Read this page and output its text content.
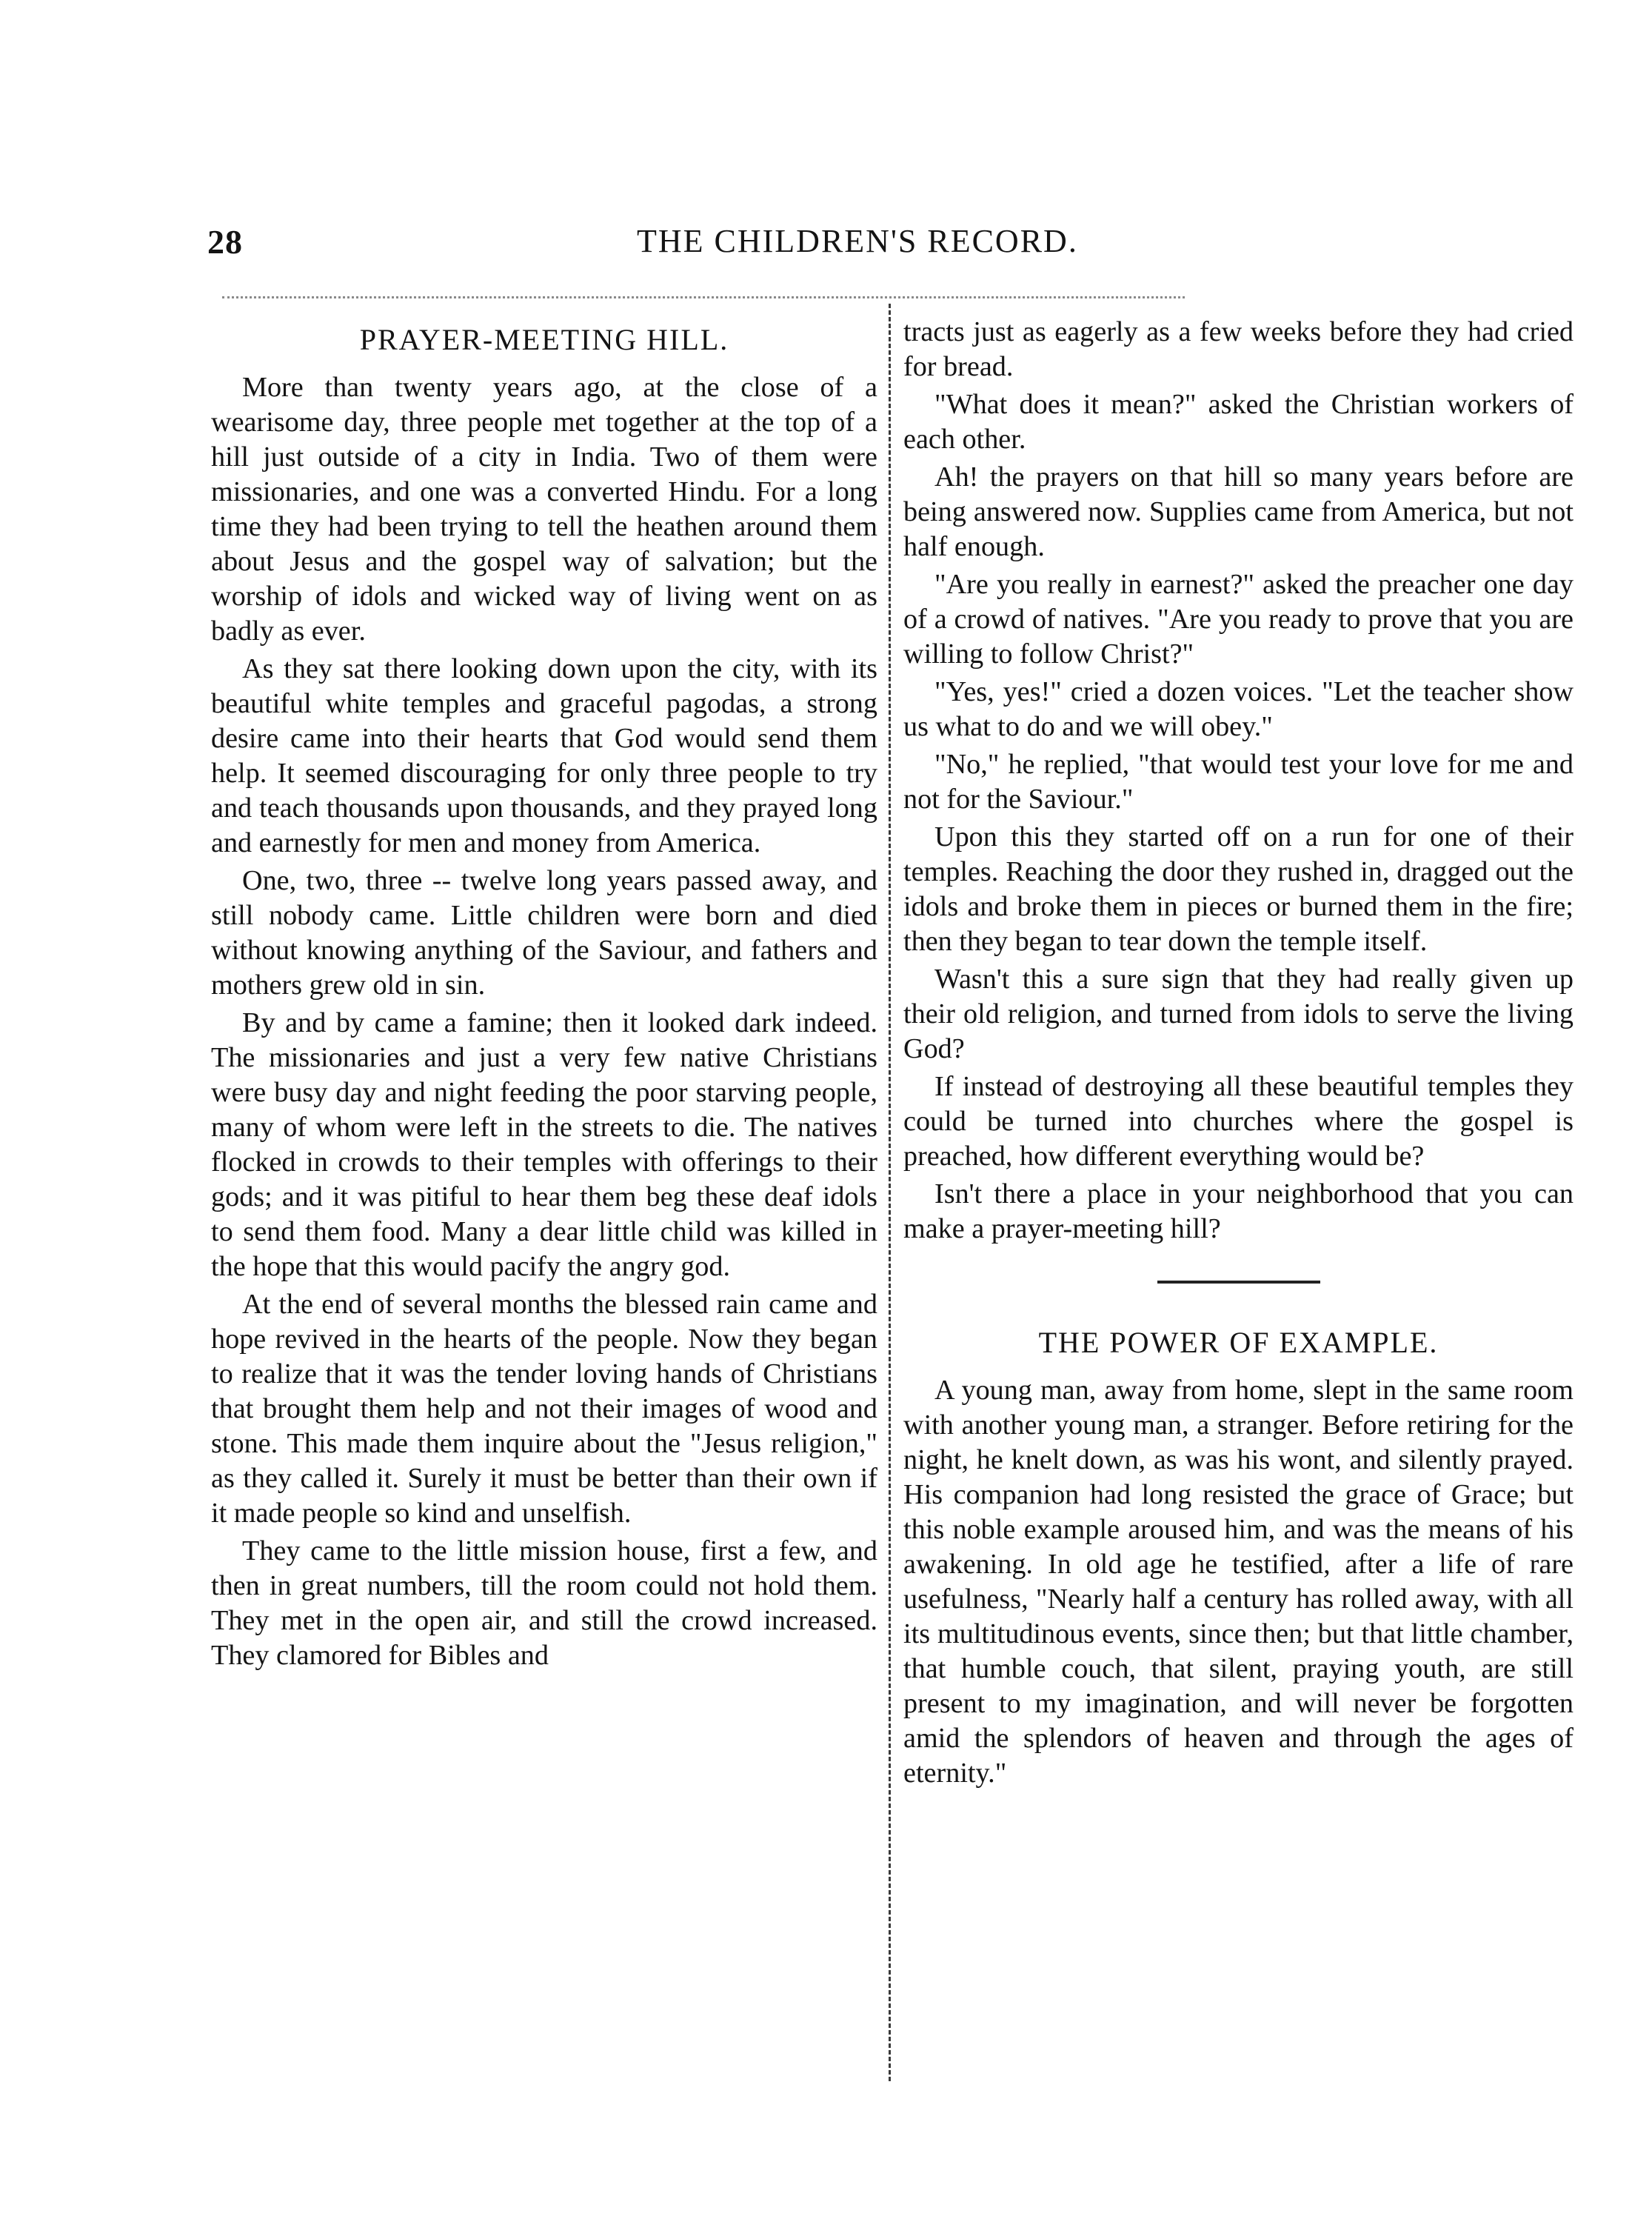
28	THE CHILDREN'S RECORD.
PRAYER-MEETING HILL.

More than twenty years ago, at the close of a wearisome day, three people met together at the top of a hill just outside of a city in India. Two of them were missionaries, and one was a converted Hindu. For a long time they had been trying to tell the heathen around them about Jesus and the gospel way of salvation; but the worship of idols and wicked way of living went on as badly as ever.

As they sat there looking down upon the city, with its beautiful white temples and graceful pagodas, a strong desire came into their hearts that God would send them help. It seemed discouraging for only three people to try and teach thousands upon thousands, and they prayed long and earnestly for men and money from America.

One, two, three -- twelve long years passed away, and still nobody came. Little children were born and died without knowing anything of the Saviour, and fathers and mothers grew old in sin.

By and by came a famine; then it looked dark indeed. The missionaries and just a very few native Christians were busy day and night feeding the poor starving people, many of whom were left in the streets to die. The natives flocked in crowds to their temples with offerings to their gods; and it was pitiful to hear them beg these deaf idols to send them food. Many a dear little child was killed in the hope that this would pacify the angry god.

At the end of several months the blessed rain came and hope revived in the hearts of the people. Now they began to realize that it was the tender loving hands of Christians that brought them help and not their images of wood and stone. This made them inquire about the "Jesus religion," as they called it. Surely it must be better than their own if it made people so kind and unselfish.

They came to the little mission house, first a few, and then in great numbers, till the room could not hold them. They met in the open air, and still the crowd increased. They clamored for Bibles and

tracts just as eagerly as a few weeks before they had cried for bread.

"What does it mean?" asked the Christian workers of each other.

Ah! the prayers on that hill so many years before are being answered now. Supplies came from America, but not half enough.

"Are you really in earnest?" asked the preacher one day of a crowd of natives. "Are you ready to prove that you are willing to follow Christ?"

"Yes, yes!" cried a dozen voices. "Let the teacher show us what to do and we will obey."

"No," he replied, "that would test your love for me and not for the Saviour."

Upon this they started off on a run for one of their temples. Reaching the door they rushed in, dragged out the idols and broke them in pieces or burned them in the fire; then they began to tear down the temple itself.

Wasn't this a sure sign that they had really given up their old religion, and turned from idols to serve the living God?

If instead of destroying all these beautiful temples they could be turned into churches where the gospel is preached, how different everything would be?

Isn't there a place in your neighborhood that you can make a prayer-meeting hill?

THE POWER OF EXAMPLE.

A young man, away from home, slept in the same room with another young man, a stranger. Before retiring for the night, he knelt down, as was his wont, and silently prayed. His companion had long resisted the grace of Grace; but this noble example aroused him, and was the means of his awakening. In old age he testified, after a life of rare usefulness, "Nearly half a century has rolled away, with all its multitudinous events, since then; but that little chamber, that humble couch, that silent, praying youth, are still present to my imagination, and will never be forgotten amid the splendors of heaven and through the ages of eternity."
